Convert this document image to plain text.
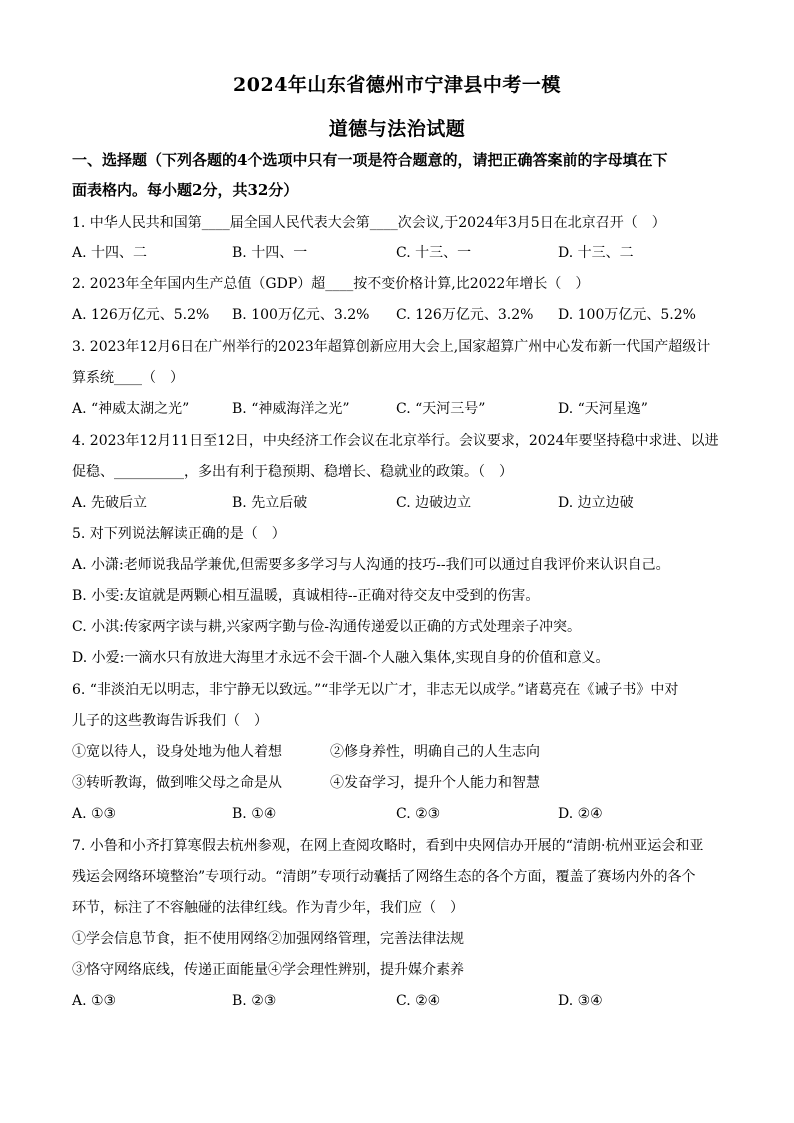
2024年山东省德州市宁津县中考一模
道德与法治试题
一、选择题（下列各题的4个选项中只有一项是符合题意的，请把正确答案前的字母填在下
面表格内。每小题2分，共32分）
1. 中华人民共和国第____届全国人民代表大会第____次会议,于2024年3月5日在北京召开（　）
A. 十四、二	B. 十四、一	C. 十三、一	D. 十三、二
2. 2023年全年国内生产总值（GDP）超____按不变价格计算,比2022年增长（　）
A. 126万亿元、5.2% B. 100万亿元、3.2% C. 126万亿元、3.2% D. 100万亿元、5.2%
3. 2023年12月6日在广州举行的2023年超算创新应用大会上,国家超算广州中心发布新一代国产超级计
算系统____（　）
A. “神威太湖之光”	B. “神威海洋之光”	C. “天河三号”	D. “天河星逸”
4. 2023年12月11日至12日，中央经济工作会议在北京举行。会议要求，2024年要坚持稳中求进、以进
促稳、__________，多出有利于稳预期、稳增长、稳就业的政策。（　）
A. 先破后立	B. 先立后破	C. 边破边立	D. 边立边破
5. 对下列说法解读正确的是（　）
A. 小潇:老师说我品学兼优,但需要多多学习与人沟通的技巧--我们可以通过自我评价来认识自己。
B. 小雯:友谊就是两颗心相互温暖，真诚相待--正确对待交友中受到的伤害。
C. 小淇:传家两字读与耕,兴家两字勤与俭-沟通传递爱以正确的方式处理亲子冲突。
D. 小爱:一滴水只有放进大海里才永远不会干涸-个人融入集体,实现自身的价值和意义。
6. “非淡泊无以明志，非宁静无以致远。”“非学无以广才，非志无以成学。”诸葛亮在《诫子书》中对
儿子的这些教诲告诉我们（　）
①宽以待人，设身处地为他人着想	②修身养性，明确自己的人生志向
③转昕教诲，做到唯父母之命是从	④发奋学习，提升个人能力和智慧
A. ①③	B. ①④	C. ②③	D. ②④
7. 小鲁和小齐打算寒假去杭州参观，在网上查阅攻略时，看到中央网信办开展的“清朗·杭州亚运会和亚
残运会网络环境整治”专项行动。“清朗”专项行动囊括了网络生态的各个方面，覆盖了赛场内外的各个
环节，标注了不容触碰的法律红线。作为青少年，我们应（　）
①学会信息节食，拒不使用网络②加强网络管理，完善法律法规
③恪守网络底线，传递正面能量④学会理性辨别，提升媒介素养
A. ①③	B. ②③	C. ②④	D. ③④
